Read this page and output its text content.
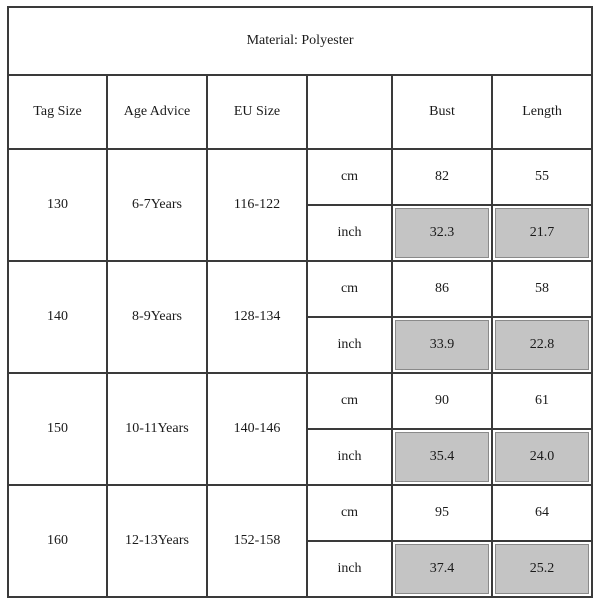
Material: Polyester					
Tag Size	Age Advice	EU Size		Bust	Length
130	6-7Years	116-122	cm	82	55
			inch	32.3	21.7

140	8-9Years	128-134	cm	86	58
			inch	33.9	22.8

150	10-11Years	140-146	cm	90	61
			inch	35.4	24.0

160	12-13Years	152-158	cm	95	64
			inch	37.4	25.2
